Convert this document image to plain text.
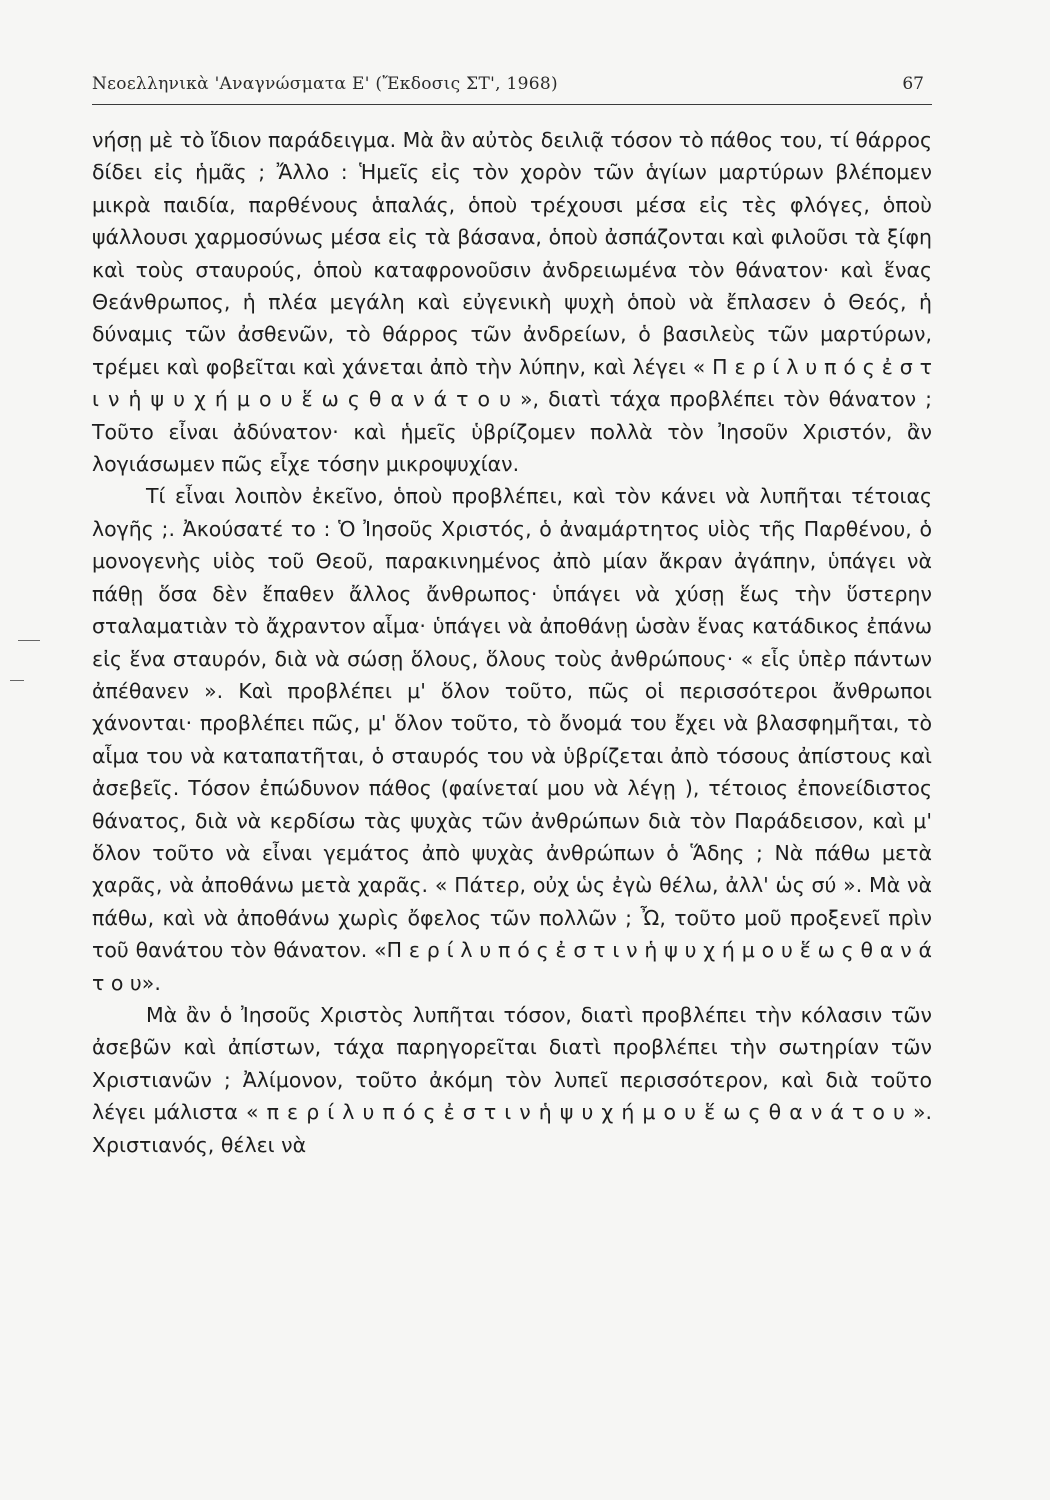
Νεοελληνικὰ 'Αναγνώσματα Ε' (Ἔκδοσις ΣΤ', 1968)	67

νήσῃ μὲ τὸ ἴδιον παράδειγμα. Μὰ ἂν αὐτὸς δειλιᾷ τόσον τὸ πάθος του, τί θάρρος δίδει εἰς ἡμᾶς ; Ἄλλο : Ἡμεῖς εἰς τὸν χορὸν τῶν ἁγίων μαρτύρων βλέπομεν μικρὰ παιδία, παρθένους ἁπαλάς, ὁποὺ τρέχουσι μέσα εἰς τὲς φλόγες, ὁποὺ ψάλλουσι χαρμοσύνως μέσα εἰς τὰ βάσανα, ὁποὺ ἀσπάζονται καὶ φιλοῦσι τὰ ξίφη καὶ τοὺς σταυρούς, ὁποὺ καταφρονοῦσιν ἀνδρειωμένα τὸν θάνατον· καὶ ἕνας Θεάνθρωπος, ἡ πλέα μεγάλη καὶ εὐγενικὴ ψυχὴ ὁποὺ νὰ ἔπλασεν ὁ Θεός, ἡ δύναμις τῶν ἀσθενῶν, τὸ θάρρος τῶν ἀνδρείων, ὁ βασιλεὺς τῶν μαρτύρων, τρέμει καὶ φοβεῖται καὶ χάνεται ἀπὸ τὴν λύπην, καὶ λέγει « Π ε ρ ί λ υ π ό ς ἐ σ τ ι ν ἡ ψ υ χ ή μ ο υ ἕ ω ς θ α ν ά τ ο υ », διατὶ τάχα προβλέπει τὸν θάνατον ; Τοῦτο εἶναι ἀδύνατον· καὶ ἡμεῖς ὑβρίζομεν πολλὰ τὸν Ἰησοῦν Χριστόν, ἂν λογιάσωμεν πῶς εἶχε τόσην μικροψυχίαν.

Τί εἶναι λοιπὸν ἐκεῖνο, ὁποὺ προβλέπει, καὶ τὸν κάνει νὰ λυπῆται τέτοιας λογῆς ;. Ἀκούσατέ το : Ὁ Ἰησοῦς Χριστός, ὁ ἀναμάρτητος υἱὸς τῆς Παρθένου, ὁ μονογενὴς υἱὸς τοῦ Θεοῦ, παρακινημένος ἀπὸ μίαν ἄκραν ἀγάπην, ὑπάγει νὰ πάθῃ ὅσα δὲν ἔπαθεν ἄλλος ἄνθρωπος· ὑπάγει νὰ χύσῃ ἕως τὴν ὕστερην σταλαματιὰν τὸ ἄχραντον αἷμα· ὑπάγει νὰ ἀποθάνῃ ὡσὰν ἕνας κατάδικος ἐπάνω εἰς ἕνα σταυρόν, διὰ νὰ σώσῃ ὅλους, ὅλους τοὺς ἀνθρώπους· « εἷς ὑπὲρ πάντων ἀπέθανεν ». Καὶ προβλέπει μ' ὅλον τοῦτο, πῶς οἱ περισσότεροι ἄνθρωποι χάνονται· προβλέπει πῶς, μ' ὅλον τοῦτο, τὸ ὄνομά του ἔχει νὰ βλασφημῆται, τὸ αἷμα του νὰ καταπατῆται, ὁ σταυρός του νὰ ὑβρίζεται ἀπὸ τόσους ἀπίστους καὶ ἀσεβεῖς. Τόσον ἐπώδυνον πάθος (φαίνεταί μου νὰ λέγῃ ), τέτοιος ἐπονείδιστος θάνατος, διὰ νὰ κερδίσω τὰς ψυχὰς τῶν ἀνθρώπων διὰ τὸν Παράδεισον, καὶ μ' ὅλον τοῦτο νὰ εἶναι γεμάτος ἀπὸ ψυχὰς ἀνθρώπων ὁ Ἅδης ; Νὰ πάθω μετὰ χαρᾶς, νὰ ἀποθάνω μετὰ χαρᾶς. « Πάτερ, οὐχ ὡς ἐγὼ θέλω, ἀλλ' ὡς σύ ». Μὰ νὰ πάθω, καὶ νὰ ἀποθάνω χωρὶς ὄφελος τῶν πολλῶν ; Ὦ, τοῦτο μοῦ προξενεῖ πρὶν τοῦ θανάτου τὸν θάνατον. «Π ε ρ ί λ υ π ό ς ἐ σ τ ι ν ἡ ψ υ χ ή μ ο υ ἕ ω ς θ α ν ά τ ο υ».

Μὰ ἂν ὁ Ἰησοῦς Χριστὸς λυπῆται τόσον, διατὶ προβλέπει τὴν κόλασιν τῶν ἀσεβῶν καὶ ἀπίστων, τάχα παρηγορεῖται διατὶ προβλέπει τὴν σωτηρίαν τῶν Χριστιανῶν ; Ἀλίμονον, τοῦτο ἀκόμη τὸν λυπεῖ περισσότερον, καὶ διὰ τοῦτο λέγει μάλιστα « π ε ρ ί λ υ π ό ς ἐ σ τ ι ν ἡ ψ υ χ ή μ ο υ ἕ ω ς θ α ν ά τ ο υ ». Χριστιανός, θέλει νὰ
